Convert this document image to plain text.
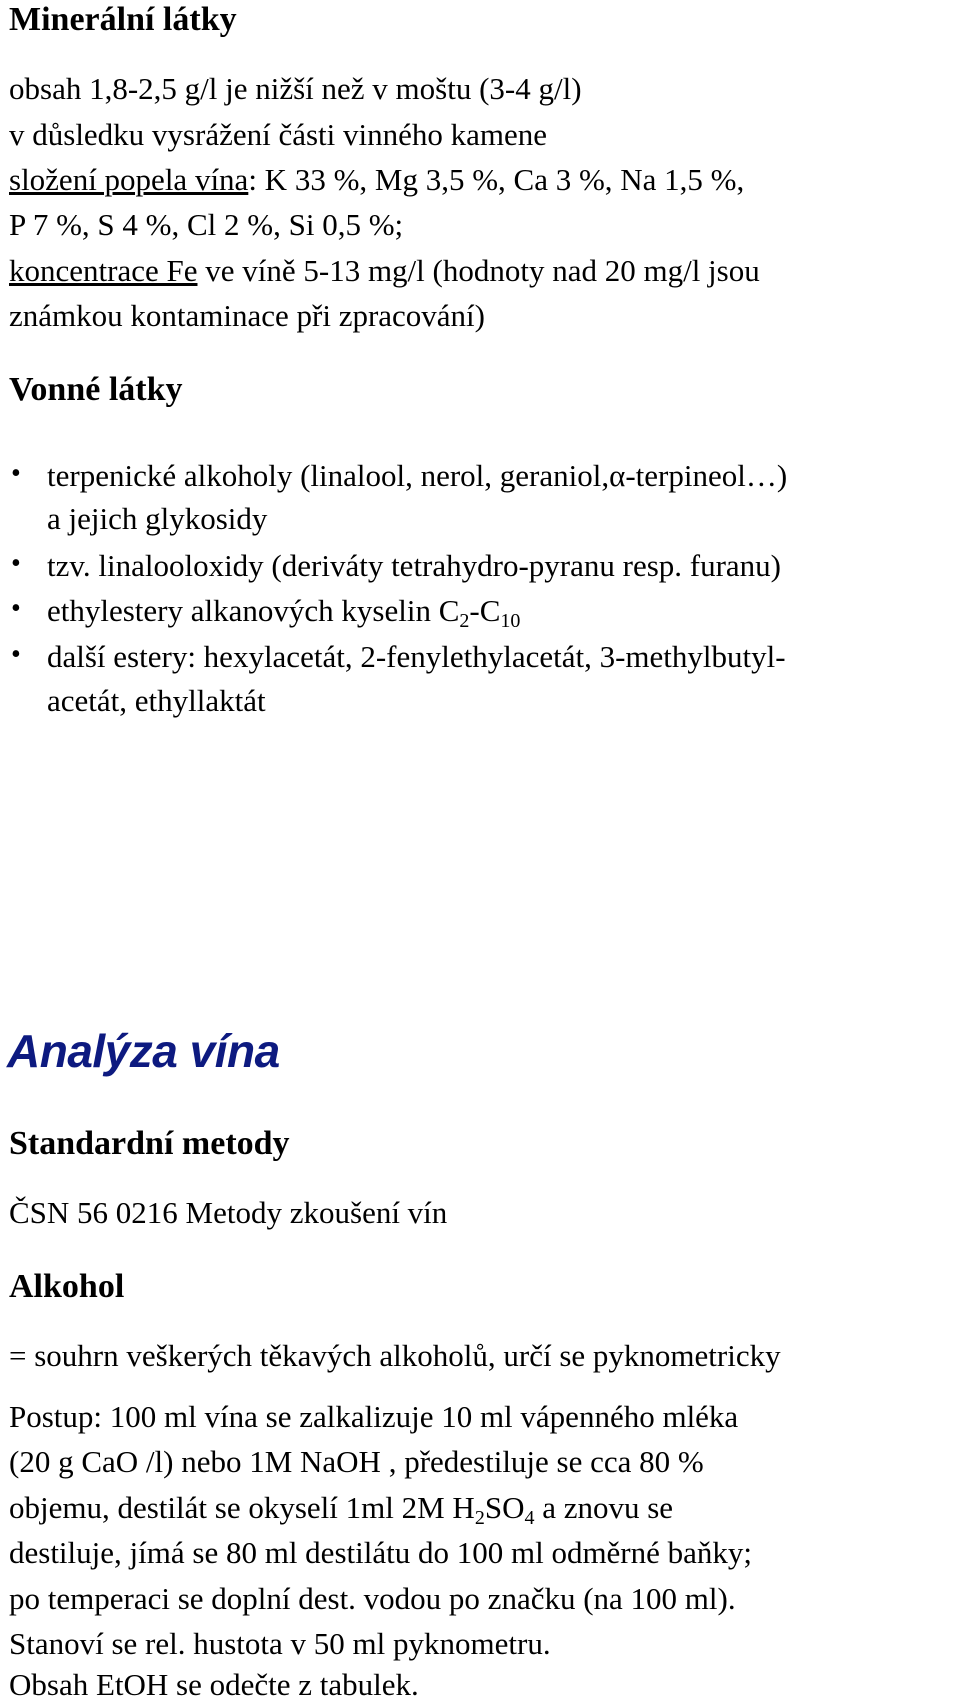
Minerální látky
obsah 1,8-2,5 g/l je nižší než v moštu (3-4 g/l)
v důsledku vysrážení části vinného kamene
složení popela vína: K 33 %, Mg 3,5 %, Ca 3 %, Na 1,5 %,
P 7 %, S 4 %, Cl 2 %, Si 0,5 %;
koncentrace Fe ve víně 5-13 mg/l (hodnoty nad 20 mg/l jsou
známkou kontaminace při zpracování)
Vonné látky
• terpenické alkoholy (linalool, nerol, geraniol,α-terpineol…)
a jejich glykosidy
• tzv. linalooloxidy (deriváty tetrahydro-pyranu resp. furanu)
• ethylestery alkanových kyselin $C_2-C_{10}$
• další estery: hexylacetát, 2-fenylethylacetát, 3-methylbutyl-
acetát, ethyllaktát
Analýza vína
Standardní metody
ČSN 56 0216 Metody zkoušení vín
Alkohol
= souhrn veškerých těkavých alkoholů, určí se pyknometricky
Postup: 100 ml vína se zalkalizuje 10 ml vápenného mléka
(20 g CaO /l) nebo 1M NaOH , předestiluje se cca 80 %
objemu, destilát se okyselí 1ml 2M $H_2SO_4$ a znovu se
destiluje, jímá se 80 ml destilátu do 100 ml odměrné baňky;
po temperaci se doplní dest. vodou po značku (na 100 ml).
Stanoví se rel. hustota v 50 ml pyknometru.
Obsah EtOH se odečte z tabulek.
